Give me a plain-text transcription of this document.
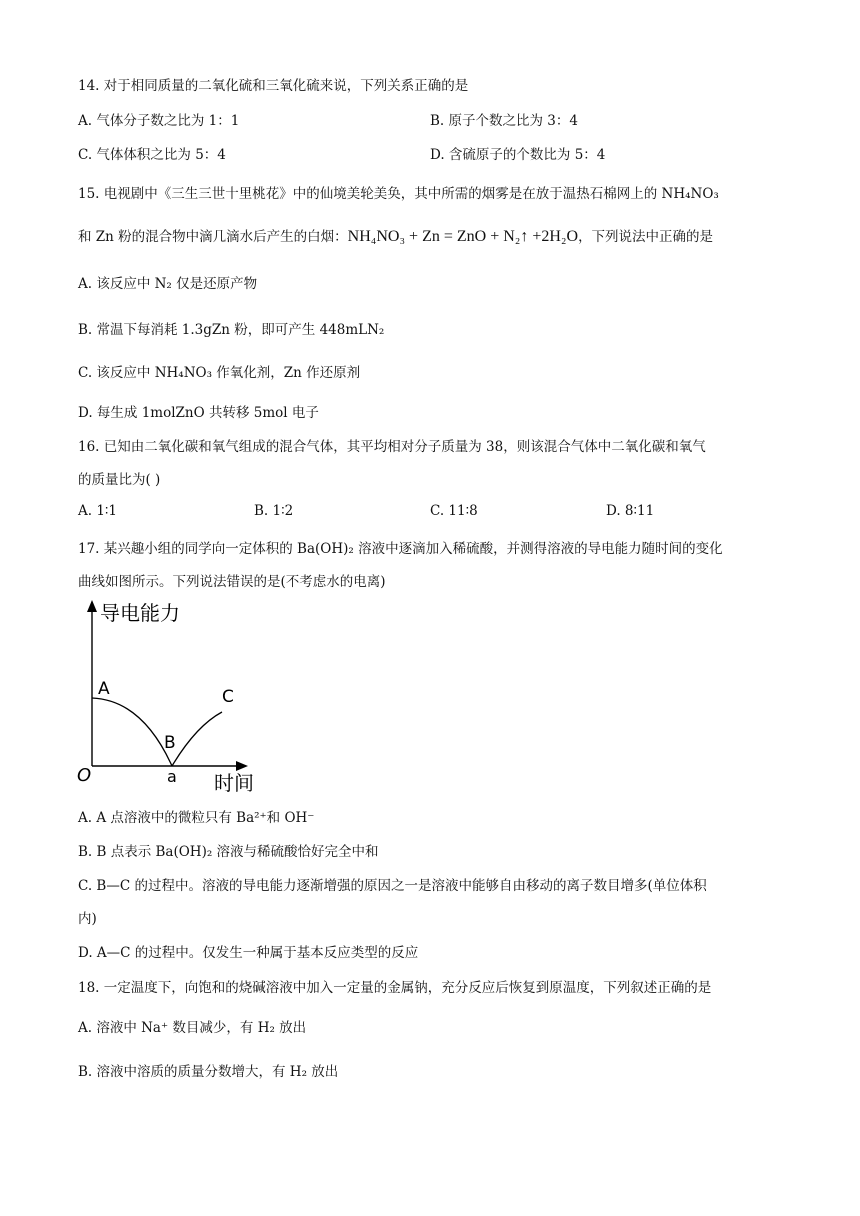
14. 对于相同质量的二氧化硫和三氧化硫来说，下列关系正确的是
A. 气体分子数之比为 1：1	B. 原子个数之比为 3：4
C. 气体体积之比为 5：4	D. 含硫原子的个数比为 5：4
15. 电视剧中《三生三世十里桃花》中的仙境美轮美奂，其中所需的烟雾是在放于温热石棉网上的 NH₄NO₃
和 Zn 粉的混合物中滴几滴水后产生的白烟：NH₄NO₃ + Zn = ZnO + N₂↑ +2H₂O，下列说法中正确的是
A. 该反应中 N₂ 仅是还原产物
B. 常温下每消耗 1.3gZn 粉，即可产生 448mLN₂
C. 该反应中 NH₄NO₃ 作氧化剂，Zn 作还原剂
D. 每生成 1molZnO 共转移 5mol 电子
16. 已知由二氧化碳和氧气组成的混合气体，其平均相对分子质量为 38，则该混合气体中二氧化碳和氧气
的质量比为( )
A. 1∶1	B. 1∶2	C. 11∶8	D. 8∶11
17. 某兴趣小组的同学向一定体积的 Ba(OH)₂ 溶液中逐滴加入稀硫酸，并测得溶液的导电能力随时间的变化
曲线如图所示。下列说法错误的是(不考虑水的电离)
导电能力
A
B
C
O	a 时间
A. A 点溶液中的微粒只有 Ba²⁺和 OH⁻
B. B 点表示 Ba(OH)₂ 溶液与稀硫酸恰好完全中和
C. B—C 的过程中。溶液的导电能力逐渐增强的原因之一是溶液中能够自由移动的离子数目增多(单位体积
内)
D. A—C 的过程中。仅发生一种属于基本反应类型的反应
18. 一定温度下，向饱和的烧碱溶液中加入一定量的金属钠，充分反应后恢复到原温度，下列叙述正确的是
A. 溶液中 Na⁺ 数目减少，有 H₂ 放出
B. 溶液中溶质的质量分数增大，有 H₂ 放出
